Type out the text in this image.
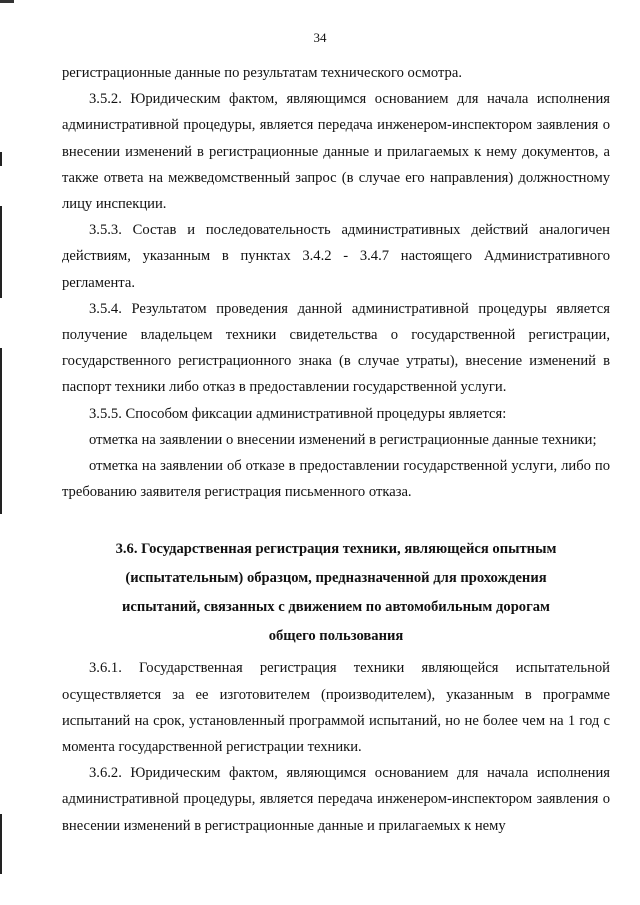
34

регистрационные данные по результатам технического осмотра.

3.5.2. Юридическим фактом, являющимся основанием для начала исполнения административной процедуры, является передача инженером-инспектором заявления о внесении изменений в регистрационные данные и прилагаемых к нему документов, а также ответа на межведомственный запрос (в случае его направления) должностному лицу инспекции.

3.5.3. Состав и последовательность административных действий аналогичен действиям, указанным в пунктах 3.4.2 - 3.4.7 настоящего Административного регламента.

3.5.4. Результатом проведения данной административной процедуры является получение владельцем техники свидетельства о государственной регистрации, государственного регистрационного знака (в случае утраты), внесение изменений в паспорт техники либо отказ в предоставлении государственной услуги.

3.5.5. Способом фиксации административной процедуры является:

отметка на заявлении о внесении изменений в регистрационные данные техники;

отметка на заявлении об отказе в предоставлении государственной услуги, либо по требованию заявителя регистрация письменного отказа.

3.6. Государственная регистрация техники, являющейся опытным
(испытательным) образцом, предназначенной для прохождения
испытаний, связанных с движением по автомобильным дорогам
общего пользования

3.6.1. Государственная регистрация техники являющейся испытательной осуществляется за ее изготовителем (производителем), указанным в программе испытаний на срок, установленный программой испытаний, но не более чем на 1 год с момента государственной регистрации техники.

3.6.2. Юридическим фактом, являющимся основанием для начала исполнения административной процедуры, является передача инженером-инспектором заявления о внесении изменений в регистрационные данные и прилагаемых к нему
